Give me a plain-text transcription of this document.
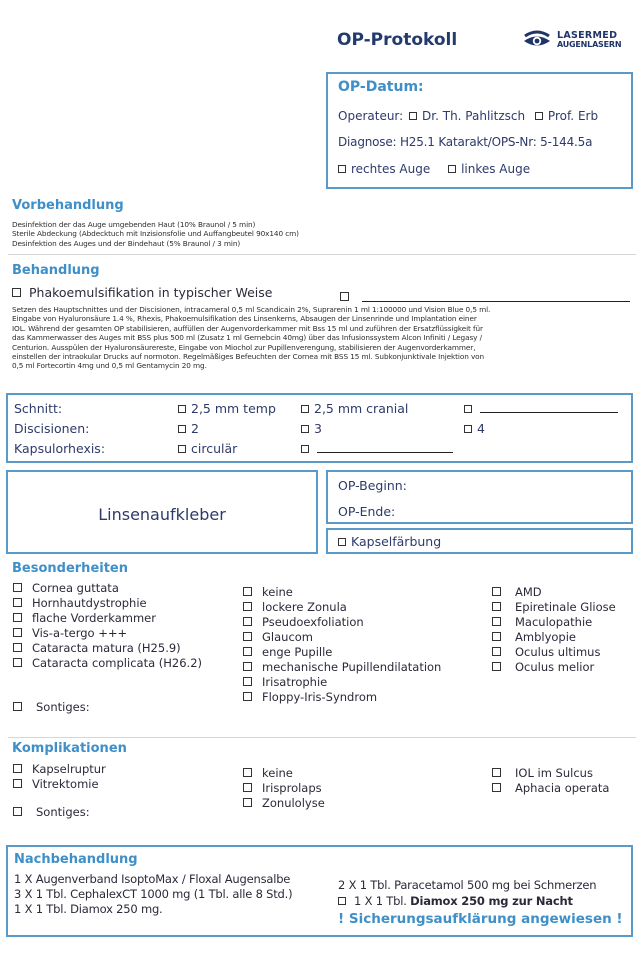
OP-Protokoll	LASERMED
AUGENLASERN
OP-Datum:
Operateur: Dr. Th. Pahlitzsch Prof. Erb
Diagnose: H25.1 Katarakt/OPS-Nr: 5-144.5a
rechtes Auge	linkes Auge
Vorbehandlung
Desinfektion der das Auge umgebenden Haut (10% Braunol / 5 min)
Sterile Abdeckung (Abdecktuch mit Inzisionsfolie und Auffangbeutel 90x140 cm)
Desinfektion des Auges und der Bindehaut (5% Braunol / 3 min)
Behandlung
Phakoemulsifikation in typischer Weise

Setzen des Hauptschnittes und der Discisionen, intracameral 0,5 ml Scandicain 2%, Suprarenin 1 ml 1:100000 und Vision Blue 0,5 ml.
Eingabe von Hyaluronsäure 1.4 %, Rhexis, Phakoemulsifikation des Linsenkerns, Absaugen der Linsenrinde und Implantation einer
IOL. Während der gesamten OP stabilisieren, auffüllen der Augenvorderkammer mit Bss 15 ml und zuführen der Ersatzflüssigkeit für
das Kammerwasser des Auges mit BSS plus 500 ml (Zusatz 1 ml Gernebcin 40mg) über das Infusionssystem Alcon Infiniti / Legasy /
Centurion. Ausspülen der Hyaluronsäurereste, Eingabe von Miochol zur Pupillenverengung, stabilisieren der Augenvorderkammer,
einstellen der intraokular Drucks auf normoton. Regelmäßiges Befeuchten der Cornea mit BSS 15 ml. Subkonjunktivale Injektion von
0,5 ml Fortecortin 4mg und 0,5 ml Gentamycin 20 mg.
Schnitt:	2,5 mm temp	2,5 mm cranial
Discisionen:	2	3	4
Kapsulorhexis:	circulär
Linsenaufkleber
OP-Beginn:
OP-Ende:
Kapselfärbung
Besonderheiten
Cornea guttata
Hornhautdystrophie
flache Vorderkammer
Vis-a-tergo +++
Cataracta matura (H25.9)
Cataracta complicata (H26.2)
Sontiges:
keine
lockere Zonula
Pseudoexfoliation
Glaucom
enge Pupille
mechanische Pupillendilatation
Irisatrophie
Floppy-Iris-Syndrom
AMD
Epiretinale Gliose
Maculopathie
Amblyopie
Oculus ultimus
Oculus melior
Komplikationen
Kapselruptur
Vitrektomie
Sontiges:
keine
Irisprolaps
Zonulolyse
IOL im Sulcus
Aphacia operata
Nachbehandlung
1 X Augenverband IsoptoMax / Floxal Augensalbe
3 X 1 Tbl. CephalexCT 1000 mg (1 Tbl. alle 8 Std.)
1 X 1 Tbl. Diamox 250 mg.
2 X 1 Tbl. Paracetamol 500 mg bei Schmerzen
1 X 1 Tbl. Diamox 250 mg zur Nacht
! Sicherungsaufklärung angewiesen !
